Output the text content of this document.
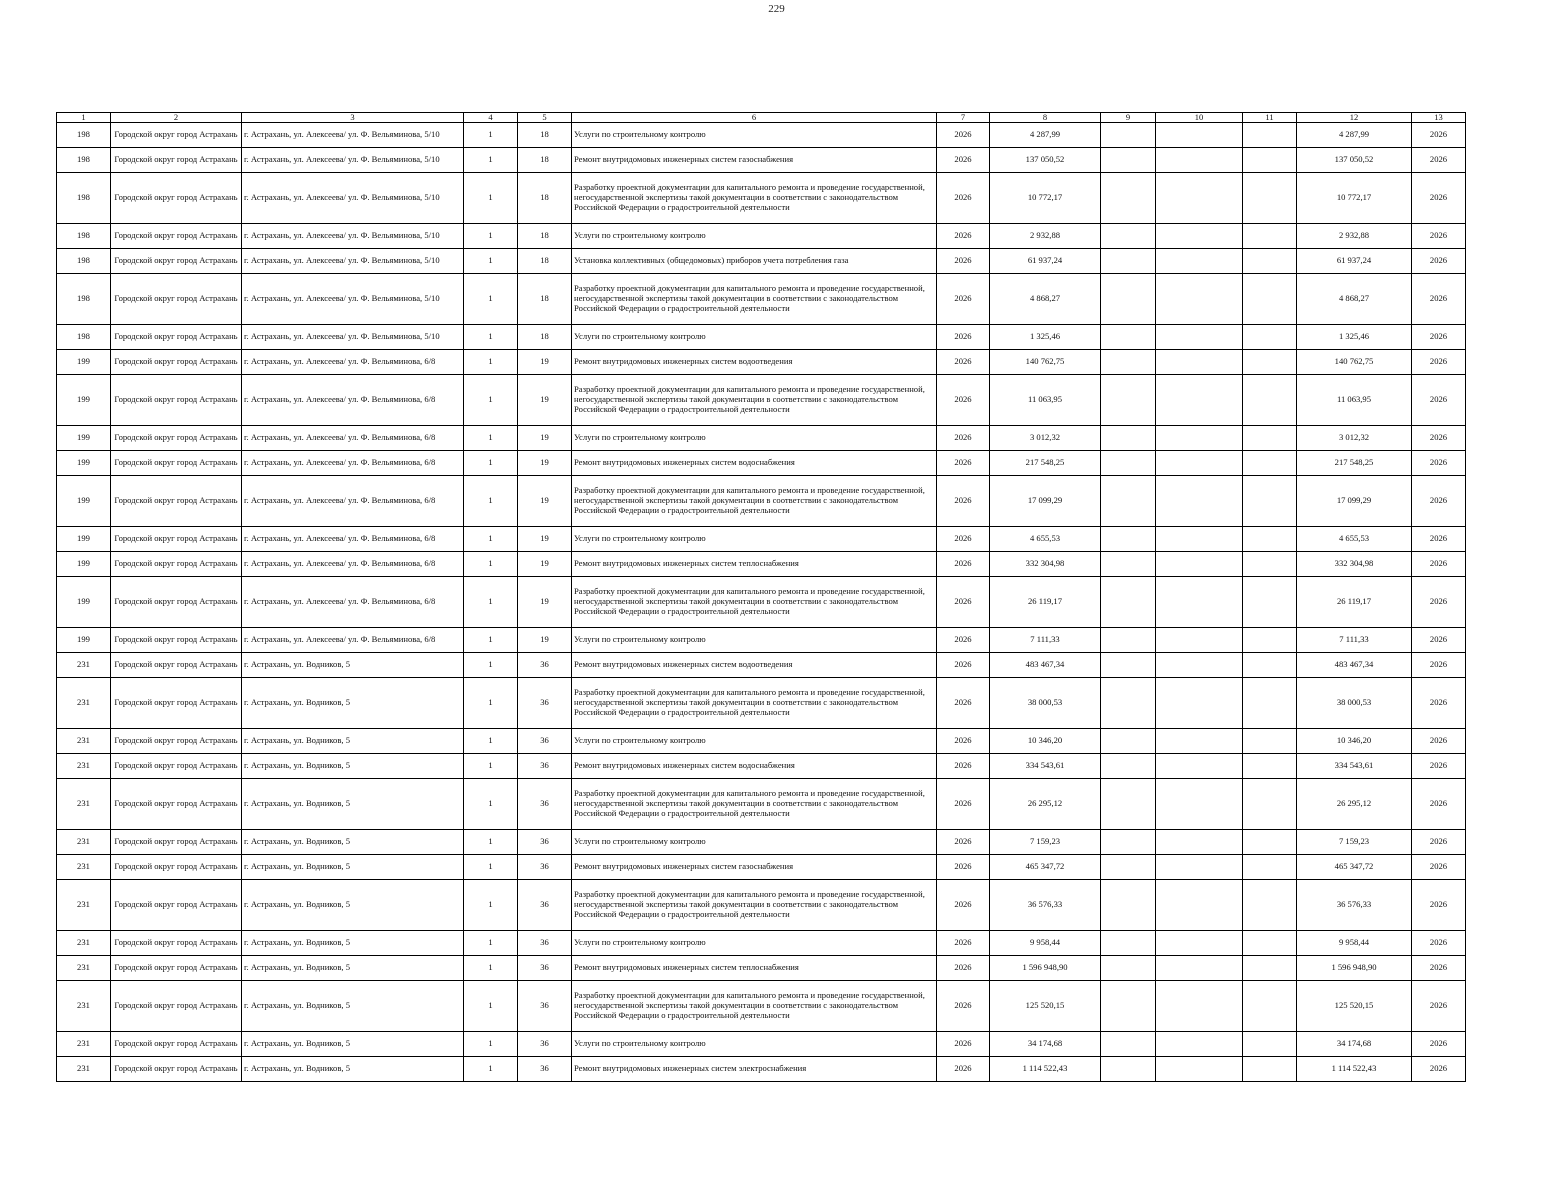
229
1	2	3	4	5	6	7	8	9	10	11	12	13
198	Городской округ город Астрахань	г. Астрахань, ул. Алексеева/ ул. Ф. Вельяминова, 5/10	1	18	Услуги по строительному контролю	2026	4 287,99				4 287,99	2026
198	Городской округ город Астрахань	г. Астрахань, ул. Алексеева/ ул. Ф. Вельяминова, 5/10	1	18	Ремонт внутридомовых инженерных систем газоснабжения	2026	137 050,52				137 050,52	2026
198	Городской округ город Астрахань	г. Астрахань, ул. Алексеева/ ул. Ф. Вельяминова, 5/10	1	18	Разработку проектной документации для капитального ремонта и проведение государственной, негосударственной экспертизы такой документации в соответствии с законодательством Российской Федерации о градостроительной деятельности	2026	10 772,17				10 772,17	2026
198	Городской округ город Астрахань	г. Астрахань, ул. Алексеева/ ул. Ф. Вельяминова, 5/10	1	18	Услуги по строительному контролю	2026	2 932,88				2 932,88	2026
198	Городской округ город Астрахань	г. Астрахань, ул. Алексеева/ ул. Ф. Вельяминова, 5/10	1	18	Установка коллективных (общедомовых) приборов учета потребления газа	2026	61 937,24				61 937,24	2026
198	Городской округ город Астрахань	г. Астрахань, ул. Алексеева/ ул. Ф. Вельяминова, 5/10	1	18	Разработку проектной документации для капитального ремонта и проведение государственной, негосударственной экспертизы такой документации в соответствии с законодательством Российской Федерации о градостроительной деятельности	2026	4 868,27				4 868,27	2026
198	Городской округ город Астрахань	г. Астрахань, ул. Алексеева/ ул. Ф. Вельяминова, 5/10	1	18	Услуги по строительному контролю	2026	1 325,46				1 325,46	2026
199	Городской округ город Астрахань	г. Астрахань, ул. Алексеева/ ул. Ф. Вельяминова, 6/8	1	19	Ремонт внутридомовых инженерных систем водоотведения	2026	140 762,75				140 762,75	2026
199	Городской округ город Астрахань	г. Астрахань, ул. Алексеева/ ул. Ф. Вельяминова, 6/8	1	19	Разработку проектной документации для капитального ремонта и проведение государственной, негосударственной экспертизы такой документации в соответствии с законодательством Российской Федерации о градостроительной деятельности	2026	11 063,95				11 063,95	2026
199	Городской округ город Астрахань	г. Астрахань, ул. Алексеева/ ул. Ф. Вельяминова, 6/8	1	19	Услуги по строительному контролю	2026	3 012,32				3 012,32	2026
199	Городской округ город Астрахань	г. Астрахань, ул. Алексеева/ ул. Ф. Вельяминова, 6/8	1	19	Ремонт внутридомовых инженерных систем водоснабжения	2026	217 548,25				217 548,25	2026
199	Городской округ город Астрахань	г. Астрахань, ул. Алексеева/ ул. Ф. Вельяминова, 6/8	1	19	Разработку проектной документации для капитального ремонта и проведение государственной, негосударственной экспертизы такой документации в соответствии с законодательством Российской Федерации о градостроительной деятельности	2026	17 099,29				17 099,29	2026
199	Городской округ город Астрахань	г. Астрахань, ул. Алексеева/ ул. Ф. Вельяминова, 6/8	1	19	Услуги по строительному контролю	2026	4 655,53				4 655,53	2026
199	Городской округ город Астрахань	г. Астрахань, ул. Алексеева/ ул. Ф. Вельяминова, 6/8	1	19	Ремонт внутридомовых инженерных систем теплоснабжения	2026	332 304,98				332 304,98	2026
199	Городской округ город Астрахань	г. Астрахань, ул. Алексеева/ ул. Ф. Вельяминова, 6/8	1	19	Разработку проектной документации для капитального ремонта и проведение государственной, негосударственной экспертизы такой документации в соответствии с законодательством Российской Федерации о градостроительной деятельности	2026	26 119,17				26 119,17	2026
199	Городской округ город Астрахань	г. Астрахань, ул. Алексеева/ ул. Ф. Вельяминова, 6/8	1	19	Услуги по строительному контролю	2026	7 111,33				7 111,33	2026
231	Городской округ город Астрахань	г. Астрахань, ул. Водников, 5	1	36	Ремонт внутридомовых инженерных систем водоотведения	2026	483 467,34				483 467,34	2026
231	Городской округ город Астрахань	г. Астрахань, ул. Водников, 5	1	36	Разработку проектной документации для капитального ремонта и проведение государственной, негосударственной экспертизы такой документации в соответствии с законодательством Российской Федерации о градостроительной деятельности	2026	38 000,53				38 000,53	2026
231	Городской округ город Астрахань	г. Астрахань, ул. Водников, 5	1	36	Услуги по строительному контролю	2026	10 346,20				10 346,20	2026
231	Городской округ город Астрахань	г. Астрахань, ул. Водников, 5	1	36	Ремонт внутридомовых инженерных систем водоснабжения	2026	334 543,61				334 543,61	2026
231	Городской округ город Астрахань	г. Астрахань, ул. Водников, 5	1	36	Разработку проектной документации для капитального ремонта и проведение государственной, негосударственной экспертизы такой документации в соответствии с законодательством Российской Федерации о градостроительной деятельности	2026	26 295,12				26 295,12	2026
231	Городской округ город Астрахань	г. Астрахань, ул. Водников, 5	1	36	Услуги по строительному контролю	2026	7 159,23				7 159,23	2026
231	Городской округ город Астрахань	г. Астрахань, ул. Водников, 5	1	36	Ремонт внутридомовых инженерных систем газоснабжения	2026	465 347,72				465 347,72	2026
231	Городской округ город Астрахань	г. Астрахань, ул. Водников, 5	1	36	Разработку проектной документации для капитального ремонта и проведение государственной, негосударственной экспертизы такой документации в соответствии с законодательством Российской Федерации о градостроительной деятельности	2026	36 576,33				36 576,33	2026
231	Городской округ город Астрахань	г. Астрахань, ул. Водников, 5	1	36	Услуги по строительному контролю	2026	9 958,44				9 958,44	2026
231	Городской округ город Астрахань	г. Астрахань, ул. Водников, 5	1	36	Ремонт внутридомовых инженерных систем теплоснабжения	2026	1 596 948,90				1 596 948,90	2026
231	Городской округ город Астрахань	г. Астрахань, ул. Водников, 5	1	36	Разработку проектной документации для капитального ремонта и проведение государственной, негосударственной экспертизы такой документации в соответствии с законодательством Российской Федерации о градостроительной деятельности	2026	125 520,15				125 520,15	2026
231	Городской округ город Астрахань	г. Астрахань, ул. Водников, 5	1	36	Услуги по строительному контролю	2026	34 174,68				34 174,68	2026
231	Городской округ город Астрахань	г. Астрахань, ул. Водников, 5	1	36	Ремонт внутридомовых инженерных систем электроснабжения	2026	1 114 522,43				1 114 522,43	2026
